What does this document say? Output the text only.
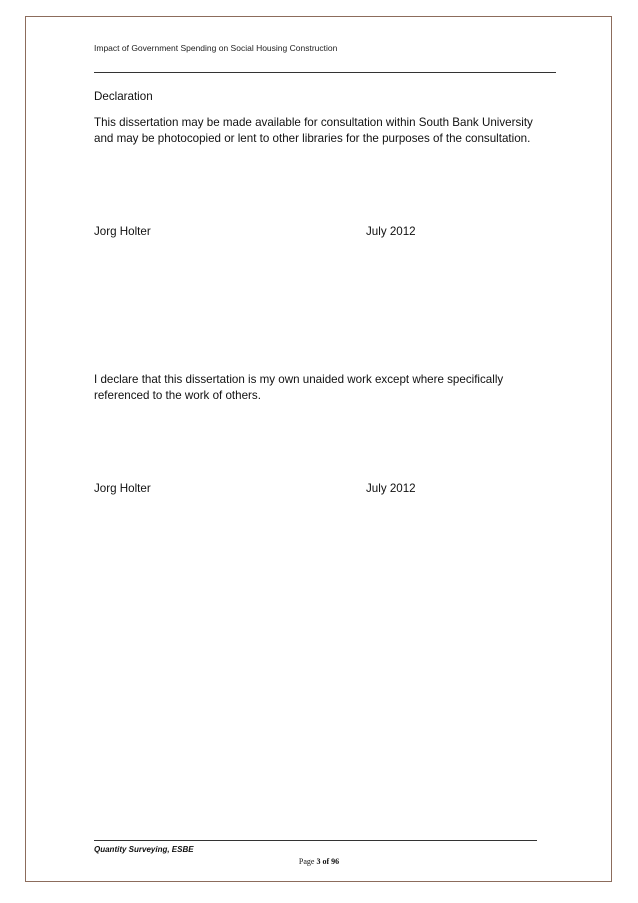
Impact of Government Spending on Social Housing Construction
Declaration
This dissertation may be made available for consultation within South Bank University and may be photocopied or lent to other libraries for the purposes of the consultation.
Jorg Holter	July 2012
I declare that this dissertation is my own unaided work except where specifically referenced to the work of others.
Jorg Holter	July 2012
Quantity Surveying, ESBE
Page 3 of 96
